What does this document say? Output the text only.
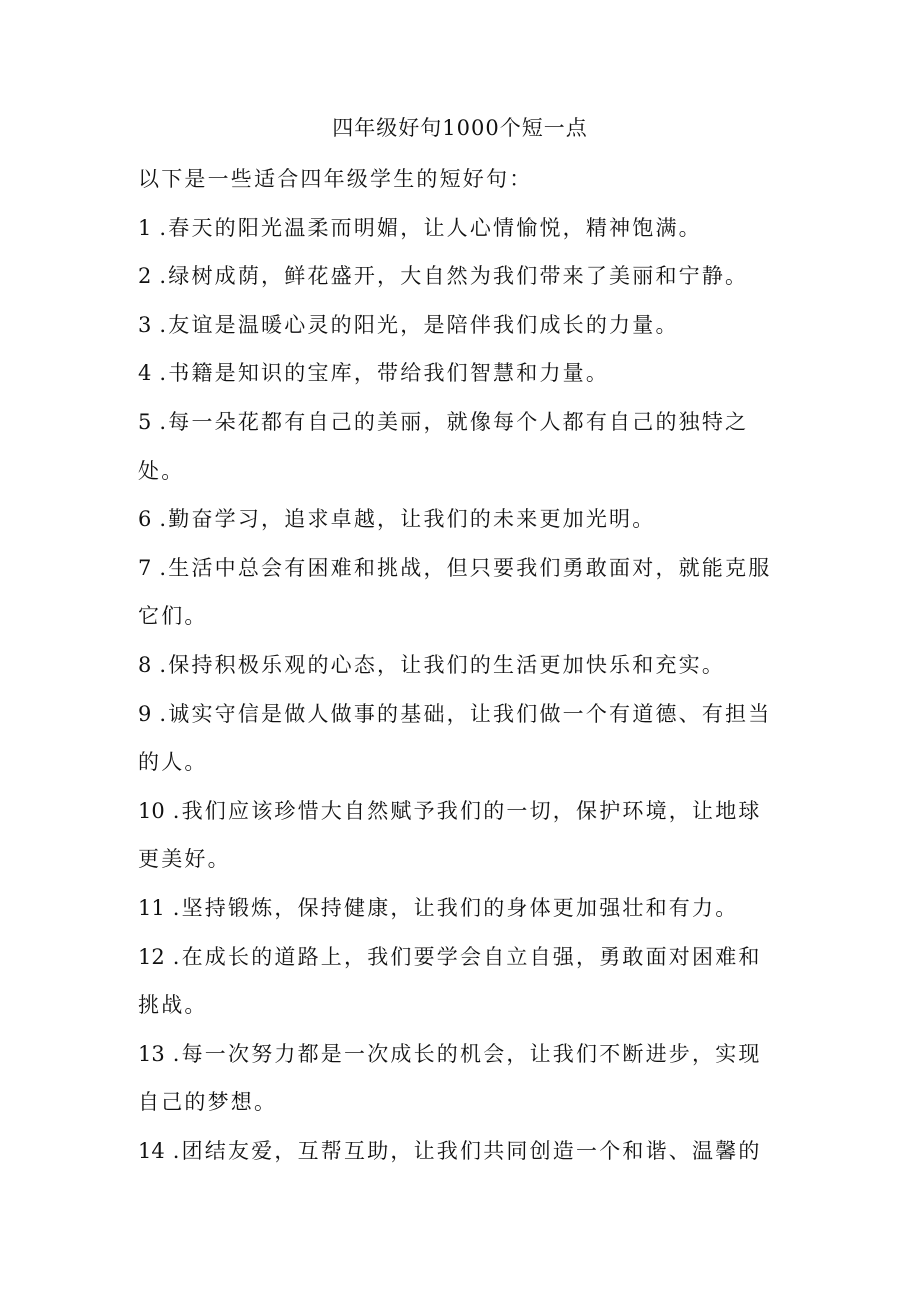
四年级好句1000个短一点
以下是一些适合四年级学生的短好句：
1 .春天的阳光温柔而明媚，让人心情愉悦，精神饱满。
2 .绿树成荫，鲜花盛开，大自然为我们带来了美丽和宁静。
3 .友谊是温暖心灵的阳光，是陪伴我们成长的力量。
4 .书籍是知识的宝库，带给我们智慧和力量。
5 .每一朵花都有自己的美丽，就像每个人都有自己的独特之处。
6 .勤奋学习，追求卓越，让我们的未来更加光明。
7 .生活中总会有困难和挑战，但只要我们勇敢面对，就能克服它们。
8 .保持积极乐观的心态，让我们的生活更加快乐和充实。
9 .诚实守信是做人做事的基础，让我们做一个有道德、有担当的人。
10 .我们应该珍惜大自然赋予我们的一切，保护环境，让地球更美好。
11 .坚持锻炼，保持健康，让我们的身体更加强壮和有力。
12 .在成长的道路上，我们要学会自立自强，勇敢面对困难和挑战。
13 .每一次努力都是一次成长的机会，让我们不断进步，实现自己的梦想。
14 .团结友爱，互帮互助，让我们共同创造一个和谐、温馨的
